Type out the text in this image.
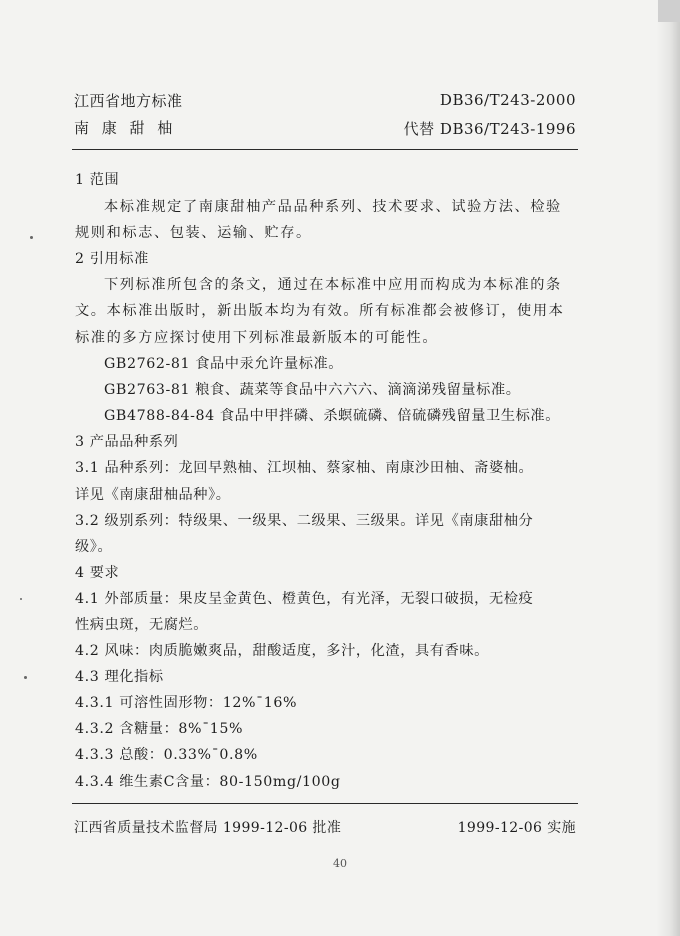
江西省地方标准
南 康 甜 柚
DB36/T243-2000
代替 DB36/T243-1996
1 范围
本标准规定了南康甜柚产品品种系列、技术要求、试验方法、检验
规则和标志、包装、运输、贮存。
2 引用标准
下列标准所包含的条文，通过在本标准中应用而构成为本标准的条
文。本标准出版时，新出版本均为有效。所有标准都会被修订，使用本
标准的多方应探讨使用下列标准最新版本的可能性。
GB2762-81 食品中汞允许量标准。
GB2763-81 粮食、蔬菜等食品中六六六、滴滴涕残留量标准。
GB4788-84-84 食品中甲拌磷、杀螟硫磷、倍硫磷残留量卫生标准。
3 产品品种系列
3.1 品种系列：龙回早熟柚、江坝柚、蔡家柚、南康沙田柚、斋婆柚。
详见《南康甜柚品种》。
3.2 级别系列：特级果、一级果、二级果、三级果。详见《南康甜柚分
级》。
4 要求
4.1 外部质量：果皮呈金黄色、橙黄色，有光泽，无裂口破损，无检疫
性病虫斑，无腐烂。
4.2 风味：肉质脆嫩爽品，甜酸适度，多汁，化渣，具有香味。
4.3 理化指标
4.3.1 可溶性固形物：12%¯16%
4.3.2 含糖量：8%¯15%
4.3.3 总酸：0.33%¯0.8%
4.3.4 维生素C含量：80-150mg/100g
江西省质量技术监督局 1999-12-06 批准	1999-12-06 实施
40
